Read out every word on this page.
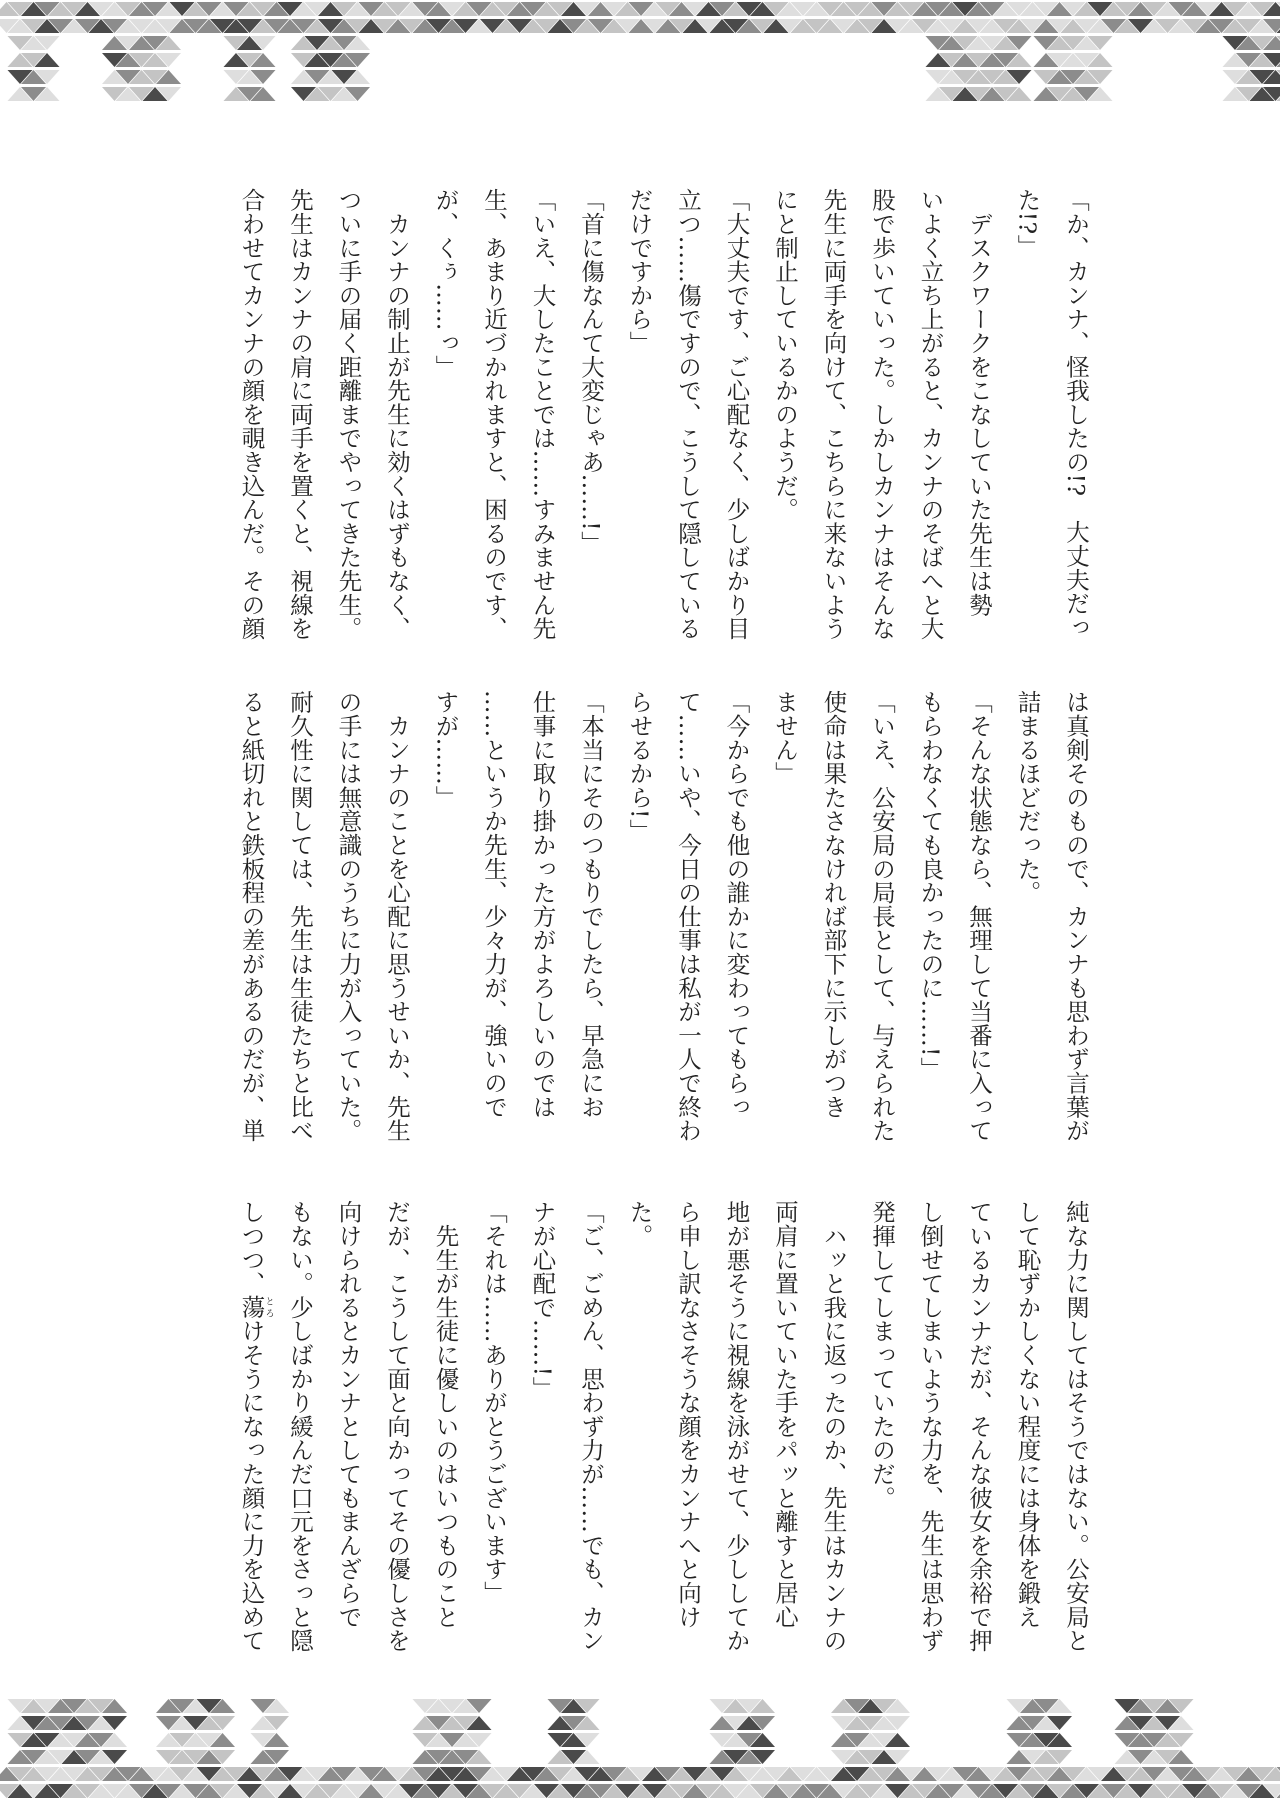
「か、カンナ、怪我したの!?　大丈夫だっ
た!?」
　デスクワークをこなしていた先生は勢
いよく立ち上がると、カンナのそばへと大
股で歩いていった。しかしカンナはそんな
先生に両手を向けて、こちらに来ないよう
にと制止しているかのようだ。
「大丈夫です、ご心配なく、少しばかり目
立つ……傷ですので、こうして隠している
だけですから」
「首に傷なんて大変じゃあ……!」
「いえ、大したことでは……すみません先
生、あまり近づかれますと、困るのです、
が、くぅ……っ」
　カンナの制止が先生に効くはずもなく、
ついに手の届く距離までやってきた先生。
先生はカンナの肩に両手を置くと、視線を
合わせてカンナの顔を覗き込んだ。その顔
は真剣そのもので、カンナも思わず言葉が
詰まるほどだった。
「そんな状態なら、無理して当番に入って
もらわなくても良かったのに……!」
「いえ、公安局の局長として、与えられた
使命は果たさなければ部下に示しがつき
ません」
「今からでも他の誰かに変わってもらっ
て……いや、今日の仕事は私が一人で終わ
らせるから!」
「本当にそのつもりでしたら、早急にお
仕事に取り掛かった方がよろしいのでは
……というか先生、少々力が、強いので
すが……」
　カンナのことを心配に思うせいか、先生
の手には無意識のうちに力が入っていた。
耐久性に関しては、先生は生徒たちと比べ
ると紙切れと鉄板程の差があるのだが、単
純な力に関してはそうではない。公安局と
して恥ずかしくない程度には身体を鍛え
ているカンナだが、そんな彼女を余裕で押
し倒せてしまいような力を、先生は思わず
発揮してしまっていたのだ。
　ハッと我に返ったのか、先生はカンナの
両肩に置いていた手をパッと離すと居心
地が悪そうに視線を泳がせて、少ししてか
ら申し訳なさそうな顔をカンナへと向け
た。
「ご、ごめん、思わず力が……でも、カン
ナが心配で……!」
「それは……ありがとうございます」
　先生が生徒に優しいのはいつものこと
だが、こうして面と向かってその優しさを
向けられるとカンナとしてもまんざらで
もない。少しばかり緩んだ口元をさっと隠
しつつ、蕩とろけそうになった顔に力を込めて
